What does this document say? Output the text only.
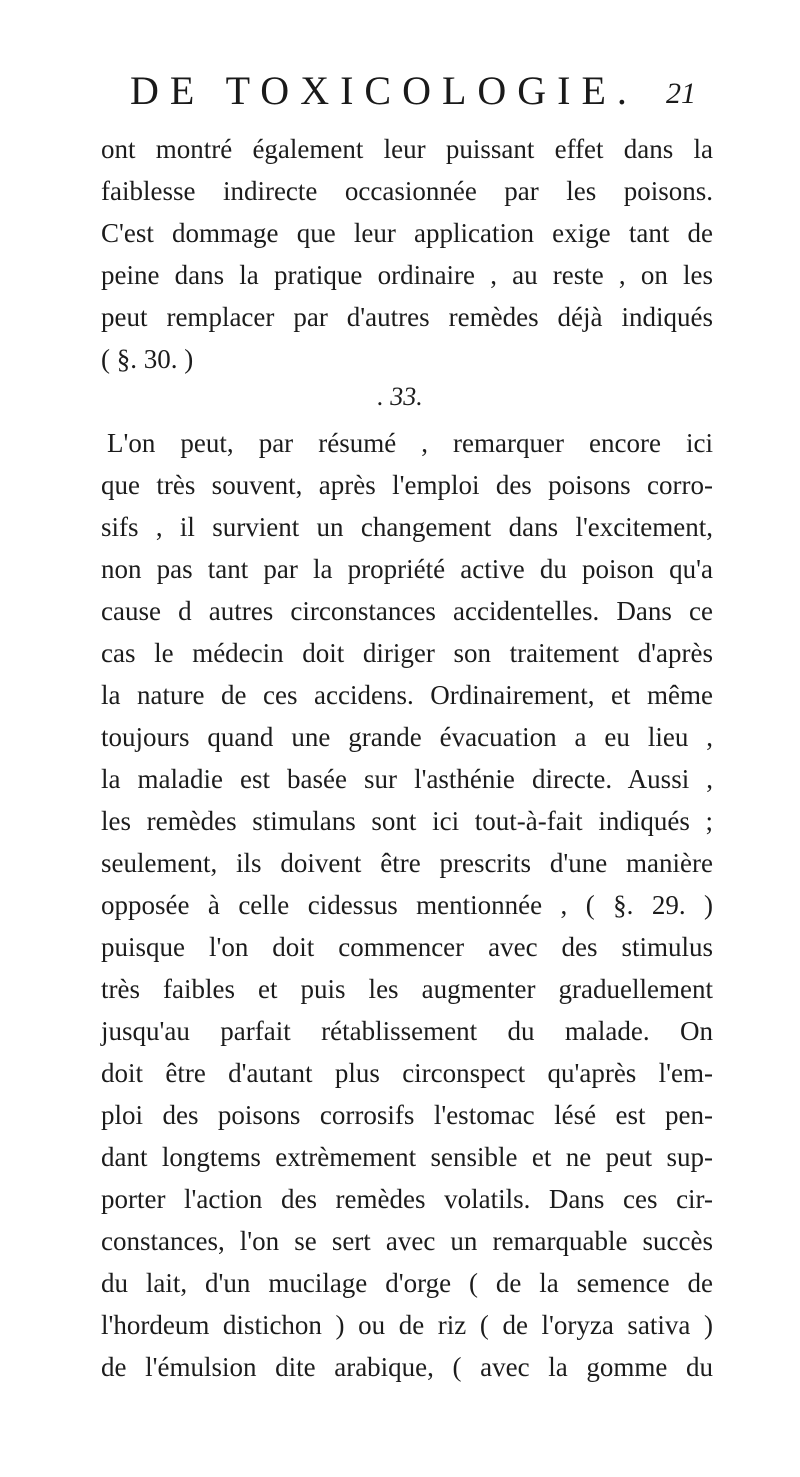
DE TOXICOLOGIE. 21
ont montré également leur puissant effet dans la
faiblesse indirecte occasionnée par les poisons.
C'est dommage que leur application exige tant de
peine dans la pratique ordinaire , au reste , on les
peut remplacer par d'autres remèdes déjà indiqués
( §. 30. )
. 33.
L'on peut, par résumé , remarquer encore ici
que très souvent, après l'emploi des poisons corro-
sifs , il survient un changement dans l'excitement,
non pas tant par la propriété active du poison qu'a
cause d autres circonstances accidentelles. Dans ce
cas le médecin doit diriger son traitement d'après
la nature de ces accidens. Ordinairement, et même
toujours quand une grande évacuation a eu lieu ,
la maladie est basée sur l'asthénie directe. Aussi ,
les remèdes stimulans sont ici tout-à-fait indiqués ;
seulement, ils doivent être prescrits d'une manière
opposée à celle cidessus mentionnée , ( §. 29. )
puisque l'on doit commencer avec des stimulus
très faibles et puis les augmenter graduellement
jusqu'au parfait rétablissement du malade. On
doit être d'autant plus circonspect qu'après l'em-
ploi des poisons corrosifs l'estomac lésé est pen-
dant longtems extrèmement sensible et ne peut sup-
porter l'action des remèdes volatils. Dans ces cir-
constances, l'on se sert avec un remarquable succès
du lait, d'un mucilage d'orge ( de la semence de
l'hordeum distichon ) ou de riz ( de l'oryza sativa )
de l'émulsion dite arabique, ( avec la gomme du
